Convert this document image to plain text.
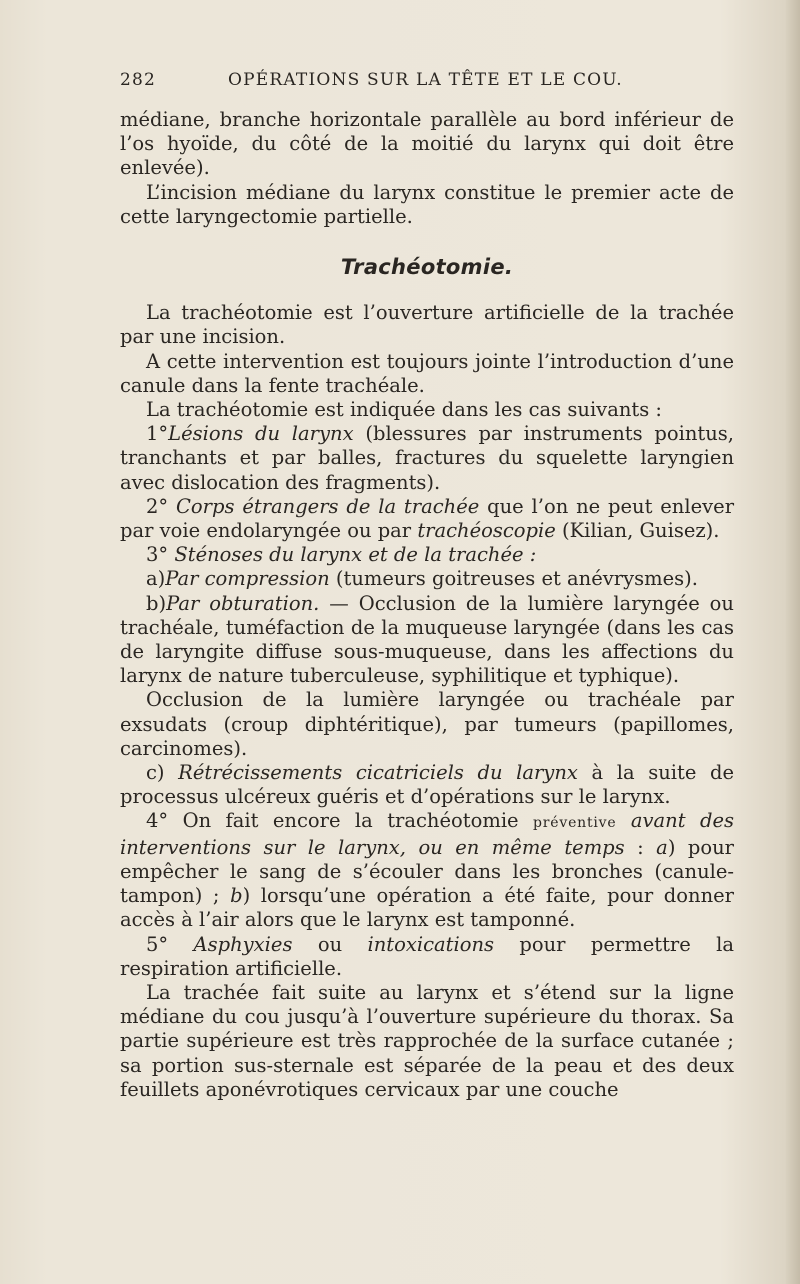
282	OPÉRATIONS SUR LA TÊTE ET LE COU.

médiane, branche horizontale parallèle au bord inférieur de l’os hyoïde, du côté de la moitié du larynx qui doit être enlevée).

L’incision médiane du larynx constitue le premier acte de cette laryngectomie partielle.

Trachéotomie.

La trachéotomie est l’ouverture artificielle de la trachée par une incision.

A cette intervention est toujours jointe l’introduction d’une canule dans la fente trachéale.

La trachéotomie est indiquée dans les cas suivants :

1°Lésions du larynx (blessures par instruments pointus, tranchants et par balles, fractures du squelette laryngien avec dislocation des fragments).

2° Corps étrangers de la trachée que l’on ne peut enlever par voie endolaryngée ou par trachéoscopie (Kilian, Guisez).

3° Sténoses du larynx et de la trachée :

a)Par compression (tumeurs goitreuses et anévrysmes).

b)Par obturation. — Occlusion de la lumière laryngée ou trachéale, tuméfaction de la muqueuse laryngée (dans les cas de laryngite diffuse sous-muqueuse, dans les affections du larynx de nature tuberculeuse, syphilitique et typhique).

Occlusion de la lumière laryngée ou trachéale par exsudats (croup diphtéritique), par tumeurs (papillomes, carcinomes).

c) Rétrécissements cicatriciels du larynx à la suite de processus ulcéreux guéris et d’opérations sur le larynx.

4° On fait encore la trachéotomie préventive avant des interventions sur le larynx, ou en même temps : a) pour empêcher le sang de s’écouler dans les bronches (canule-tampon) ; b) lorsqu’une opération a été faite, pour donner accès à l’air alors que le larynx est tamponné.

5° Asphyxies ou intoxications pour permettre la respiration artificielle.

La trachée fait suite au larynx et s’étend sur la ligne médiane du cou jusqu’à l’ouverture supérieure du thorax. Sa partie supérieure est très rapprochée de la surface cutanée ; sa portion sus-sternale est séparée de la peau et des deux feuillets aponévrotiques cervicaux par une couche
